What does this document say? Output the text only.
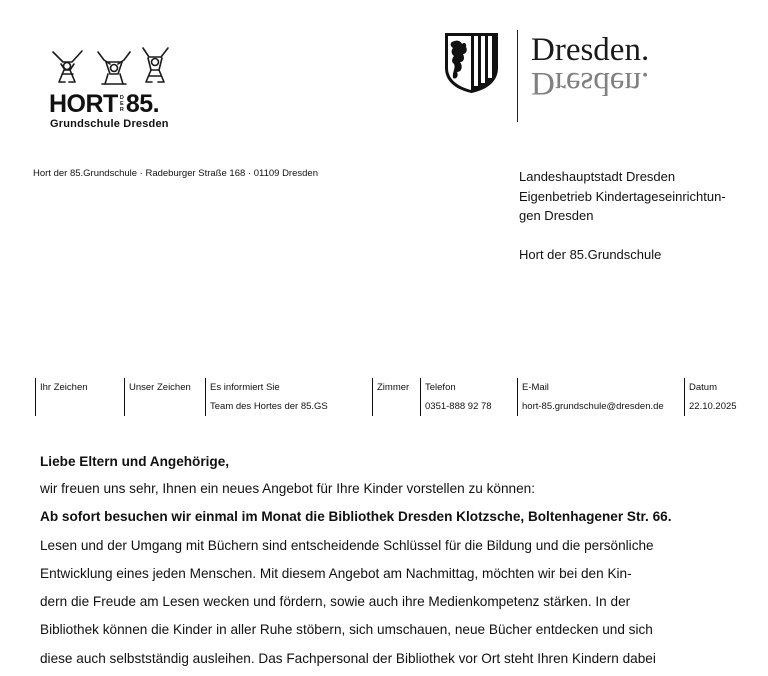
HORT D
E
R 85.
Grundschule Dresden
Dresden.
Dresden.
Hort der 85.Grundschule · Radeburger Straße 168 · 01109 Dresden	Landeshauptstadt Dresden
Eigenbetrieb Kindertageseinrichtun-
gen Dresden
Hort der 85.Grundschule
Ihr Zeichen	Unser Zeichen Es informiert Sie
Team des Hortes der 85.GS
Zimmer Telefon
0351-888 92 78
E-Mail
hort-85.grundschule@dresden.de
Datum
22.10.2025

Liebe Eltern und Angehörige,

wir freuen uns sehr, Ihnen ein neues Angebot für Ihre Kinder vorstellen zu können:

Ab sofort besuchen wir einmal im Monat die Bibliothek Dresden Klotzsche, Boltenhagener Str. 66.

Lesen und der Umgang mit Büchern sind entscheidende Schlüssel für die Bildung und die persönliche

Entwicklung eines jeden Menschen. Mit diesem Angebot am Nachmittag, möchten wir bei den Kin-

dern die Freude am Lesen wecken und fördern, sowie auch ihre Medienkompetenz stärken. In der

Bibliothek können die Kinder in aller Ruhe stöbern, sich umschauen, neue Bücher entdecken und sich

diese auch selbstständig ausleihen. Das Fachpersonal der Bibliothek vor Ort steht Ihren Kindern dabei
